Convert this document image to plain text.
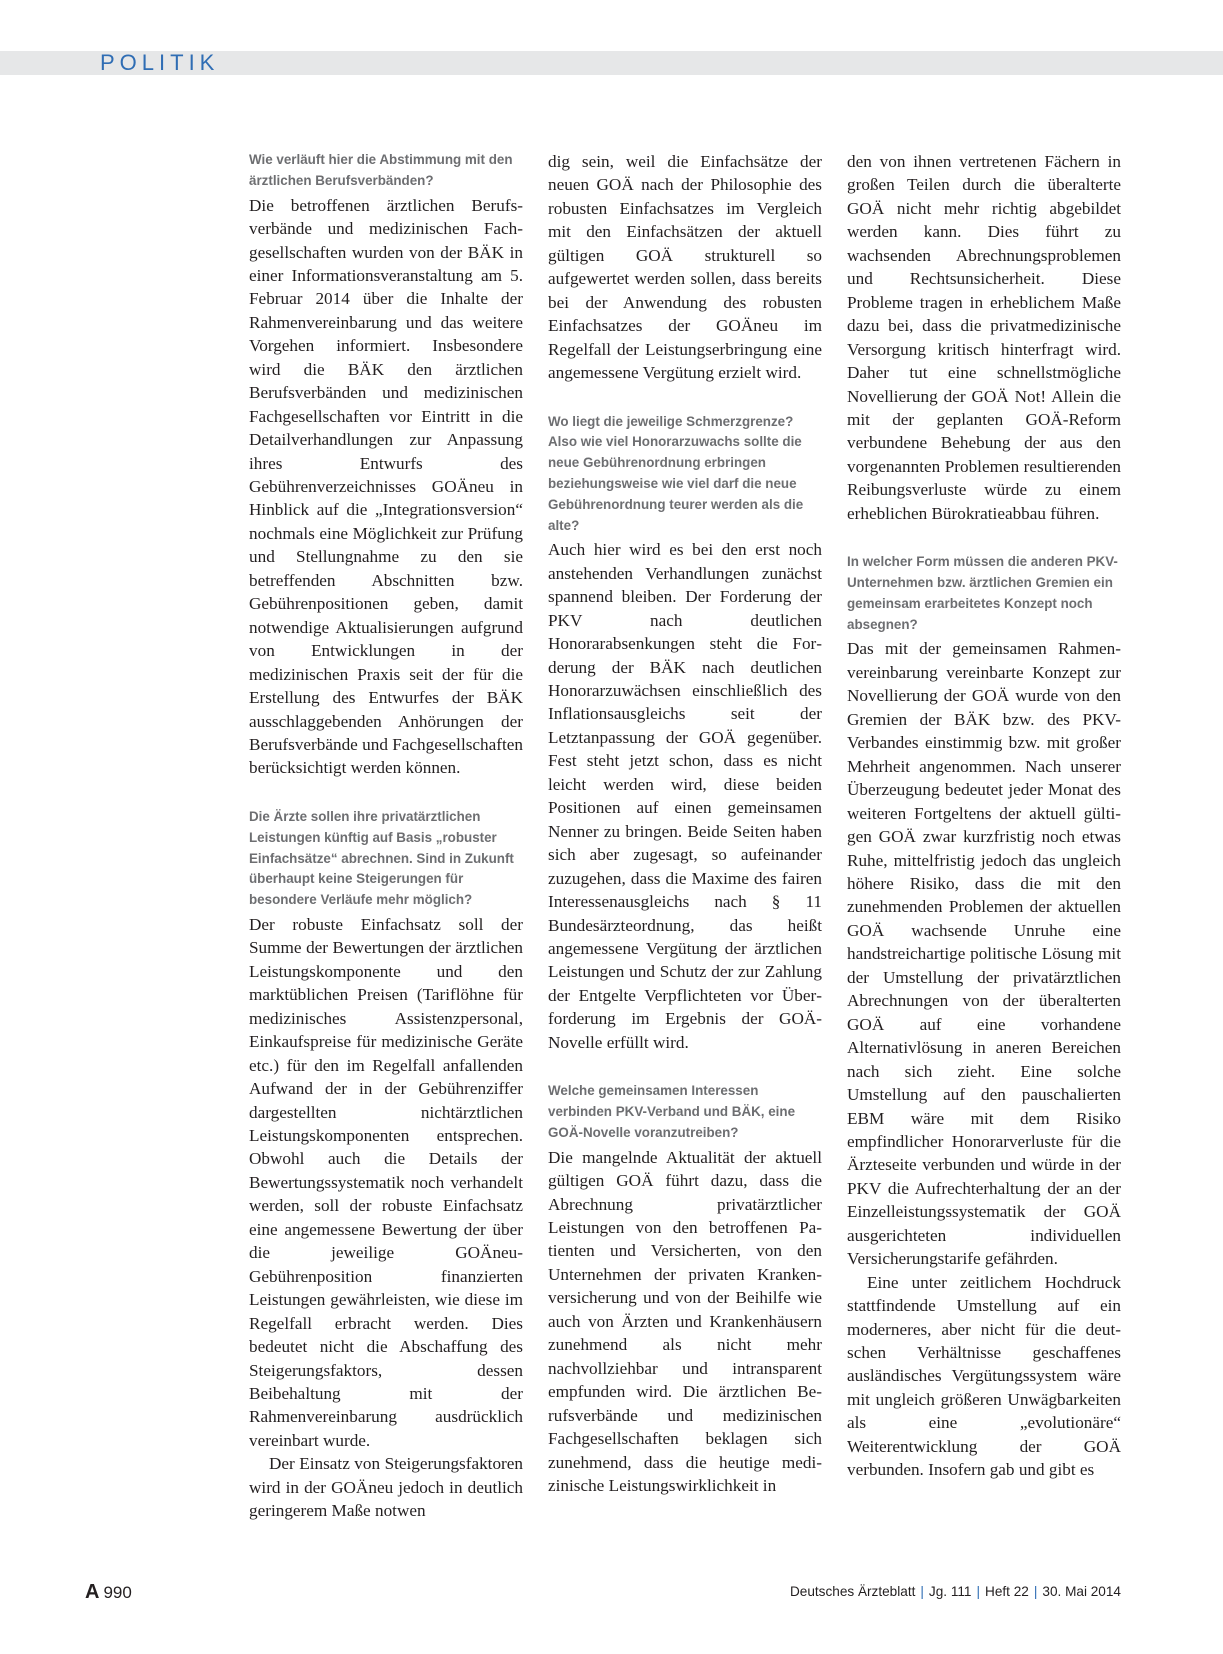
POLITIK
Wie verläuft hier die Abstimmung mit den ärztlichen Berufsverbänden?

Die betroffenen ärztlichen Berufsverbände und medizinischen Fachgesellschaften wurden von der BÄK in einer Informationsveranstaltung am 5. Februar 2014 über die Inhalte der Rahmenvereinbarung und das weitere Vorgehen informiert. Insbesondere wird die BÄK den ärztlichen Berufsverbänden und medizinischen Fachgesellschaften vor Eintritt in die Detailverhandlungen zur Anpassung ihres Entwurfs des Gebührenverzeichnisses GOÄneu in Hinblick auf die „Integrationsversion“ nochmals eine Möglichkeit zur Prüfung und Stellungnahme zu den sie betreffenden Abschnitten bzw. Gebührenpositionen geben, damit notwendige Aktualisierungen aufgrund von Entwicklungen in der medizinischen Praxis seit der für die Erstellung des Entwurfes der BÄK ausschlaggebenden Anhörungen der Berufsverbände und Fachgesellschaften berücksichtigt werden können.

Die Ärzte sollen ihre privatärztlichen Leistungen künftig auf Basis „robuster Einfachsätze“ abrechnen. Sind in Zukunft überhaupt keine Steigerungen für besondere Verläufe mehr möglich?

Der robuste Einfachsatz soll der Summe der Bewertungen der ärztlichen Leistungskomponente und den marktüblichen Preisen (Tariflöhne für medizinisches Assistenzpersonal, Einkaufspreise für medizinische Geräte etc.) für den im Regelfall anfallenden Aufwand der in der Gebührenziffer dargestellten nichtärztlichen Leistungskomponenten entsprechen. Obwohl auch die Details der Bewertungssystematik noch verhandelt werden, soll der robuste Einfachsatz eine angemessene Bewertung der über die jeweilige GOÄneu-Gebührenposition finanzierten Leistungen gewährleisten, wie diese im Regelfall erbracht werden. Dies bedeutet nicht die Abschaffung des Steigerungsfaktors, dessen Beibehaltung mit der Rahmenvereinbarung ausdrücklich vereinbart wurde.

Der Einsatz von Steigerungsfaktoren wird in der GOÄneu jedoch in deutlich geringerem Maße notwen

dig sein, weil die Einfachsätze der neuen GOÄ nach der Philosophie des robusten Einfachsatzes im Vergleich mit den Einfachsätzen der aktuell gültigen GOÄ strukturell so aufgewertet werden sollen, dass bereits bei der Anwendung des robusten Einfachsatzes der GOÄneu im Regelfall der Leistungserbringung eine angemessene Vergütung erzielt wird.

Wo liegt die jeweilige Schmerzgrenze? Also wie viel Honorarzuwachs sollte die neue Gebührenordnung erbringen beziehungsweise wie viel darf die neue Gebührenordnung teurer werden als die alte?

Auch hier wird es bei den erst noch anstehenden Verhandlungen zunächst spannend bleiben. Der Forderung der PKV nach deutlichen Honorarabsenkungen steht die Forderung der BÄK nach deutlichen Honorarzuwächsen einschließlich des Inflationsausgleichs seit der Letztanpassung der GOÄ gegenüber. Fest steht jetzt schon, dass es nicht leicht werden wird, diese beiden Positionen auf einen gemeinsamen Nenner zu bringen. Beide Seiten haben sich aber zugesagt, so aufeinander zuzugehen, dass die Maxime des fairen Interessenausgleichs nach § 11 Bundesärzteordnung, das heißt angemessene Vergütung der ärztlichen Leistungen und Schutz der zur Zahlung der Entgelte Verpflichteten vor Überforderung im Ergebnis der GOÄ-Novelle erfüllt wird.

Welche gemeinsamen Interessen verbinden PKV-Verband und BÄK, eine GOÄ-Novelle voranzutreiben?

Die mangelnde Aktualität der aktuell gültigen GOÄ führt dazu, dass die Abrechnung privatärztlicher Leistungen von den betroffenen Patienten und Versicherten, von den Unternehmen der privaten Krankenversicherung und von der Beihilfe wie auch von Ärzten und Krankenhäusern zunehmend als nicht mehr nachvollziehbar und intransparent empfunden wird. Die ärztlichen Berufsverbände und medizinischen Fachgesellschaften beklagen sich zunehmend, dass die heutige medizinische Leistungswirklichkeit in

den von ihnen vertretenen Fächern in großen Teilen durch die überalterte GOÄ nicht mehr richtig abgebildet werden kann. Dies führt zu wachsenden Abrechnungsproblemen und Rechtsunsicherheit. Diese Probleme tragen in erheblichem Maße dazu bei, dass die privatmedizinische Versorgung kritisch hinterfragt wird. Daher tut eine schnellstmögliche Novellierung der GOÄ Not! Allein die mit der geplanten GOÄ-Reform verbundene Behebung der aus den vorgenannten Problemen resultierenden Reibungsverluste würde zu einem erheblichen Bürokratieabbau führen.

In welcher Form müssen die anderen PKV-Unternehmen bzw. ärztlichen Gremien ein gemeinsam erarbeitetes Konzept noch absegnen?

Das mit der gemeinsamen Rahmenvereinbarung vereinbarte Konzept zur Novellierung der GOÄ wurde von den Gremien der BÄK bzw. des PKV-Verbandes einstimmig bzw. mit großer Mehrheit angenommen. Nach unserer Überzeugung bedeutet jeder Monat des weiteren Fortgeltens der aktuell gültigen GOÄ zwar kurzfristig noch etwas Ruhe, mittelfristig jedoch das ungleich höhere Risiko, dass die mit den zunehmenden Problemen der aktuellen GOÄ wachsende Unruhe eine handstreichartige politische Lösung mit der Umstellung der privatärztlichen Abrechnungen von der überalterten GOÄ auf eine vorhandene Alternativlösung in aneren Bereichen nach sich zieht. Eine solche Umstellung auf den pauschalierten EBM wäre mit dem Risiko empfindlicher Honorarverluste für die Ärzteseite verbunden und würde in der PKV die Aufrechterhaltung der an der Einzelleistungssystematik der GOÄ ausgerichteten individuellen Versicherungstarife gefährden.

Eine unter zeitlichem Hochdruck stattfindende Umstellung auf ein moderneres, aber nicht für die deutschen Verhältnisse geschaffenes ausländisches Vergütungssystem wäre mit ungleich größeren Unwägbarkeiten als eine „evolutionäre“ Weiterentwicklung der GOÄ verbunden. Insofern gab und gibt es

A 990	Deutsches Ärzteblatt | Jg. 111 | Heft 22 | 30. Mai 2014
